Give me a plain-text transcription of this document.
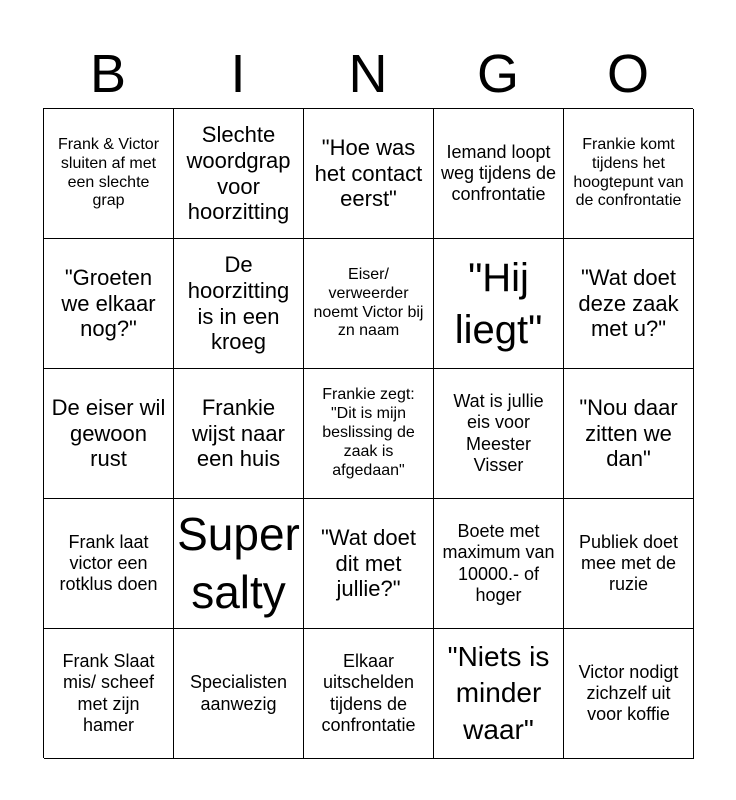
B	I	N	G	O
Frank & Victor sluiten af met een slechte grap
Slechte woordgrap voor hoorzitting
"Hoe was het contact eerst"
Iemand loopt weg tijdens de confrontatie
Frankie komt tijdens het hoogtepunt van de confrontatie
"Groeten we elkaar nog?"
De hoorzitting is in een kroeg
Eiser/ verweerder noemt Victor bij zn naam
"Hij liegt"
"Wat doet deze zaak met u?"
De eiser wil gewoon rust
Frankie wijst naar een huis
Frankie zegt: "Dit is mijn beslissing de zaak is afgedaan"
Wat is jullie eis voor Meester Visser
"Nou daar zitten we dan"
Frank laat victor een rotklus doen
Super salty
"Wat doet dit met jullie?"
Boete met maximum van 10000.- of hoger
Publiek doet mee met de ruzie
Frank Slaat mis/ scheef met zijn hamer
Specialisten aanwezig
Elkaar uitschelden tijdens de confrontatie
"Niets is minder waar"
Victor nodigt zichzelf uit voor koffie
